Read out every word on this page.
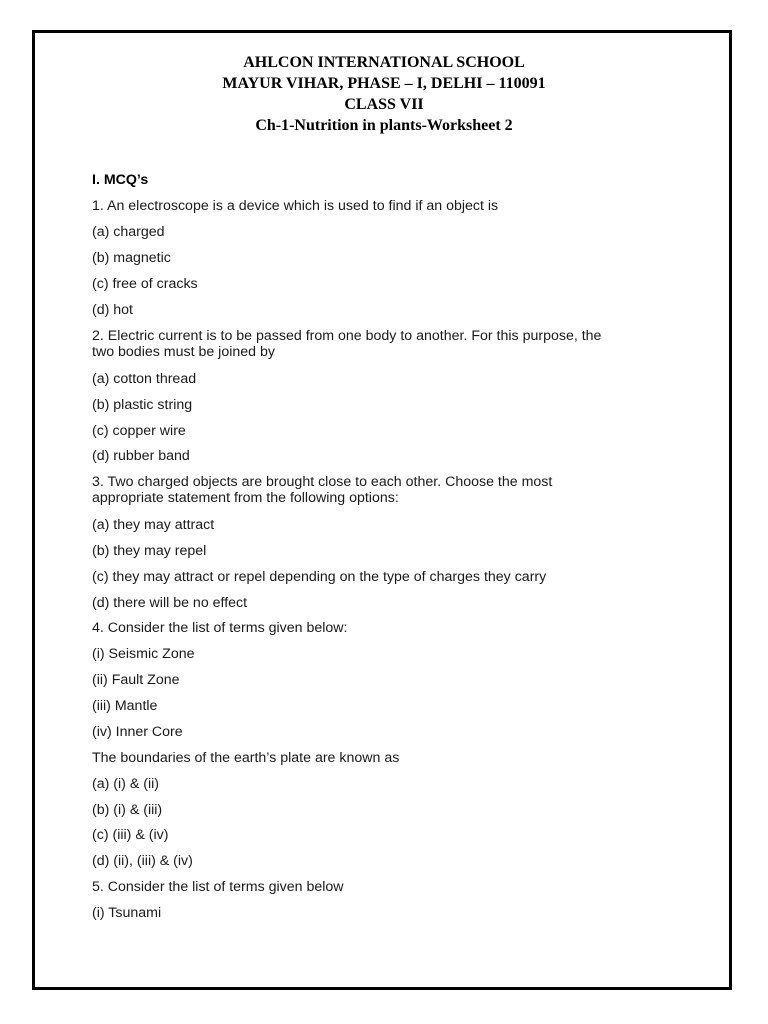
AHLCON INTERNATIONAL SCHOOL
MAYUR VIHAR, PHASE – I, DELHI – 110091
CLASS VII
Ch-1-Nutrition in plants-Worksheet 2
I. MCQ’s
1. An electroscope is a device which is used to find if an object is
(a) charged
(b) magnetic
(c) free of cracks
(d) hot
2. Electric current is to be passed from one body to another. For this purpose, the
two bodies must be joined by
(a) cotton thread
(b) plastic string
(c) copper wire
(d) rubber band
3. Two charged objects are brought close to each other. Choose the most
appropriate statement from the following options:
(a) they may attract
(b) they may repel
(c) they may attract or repel depending on the type of charges they carry
(d) there will be no effect
4. Consider the list of terms given below:
(i) Seismic Zone
(ii) Fault Zone
(iii) Mantle
(iv) Inner Core
The boundaries of the earth’s plate are known as
(a) (i) & (ii)
(b) (i) & (iii)
(c) (iii) & (iv)
(d) (ii), (iii) & (iv)
5. Consider the list of terms given below
(i) Tsunami
